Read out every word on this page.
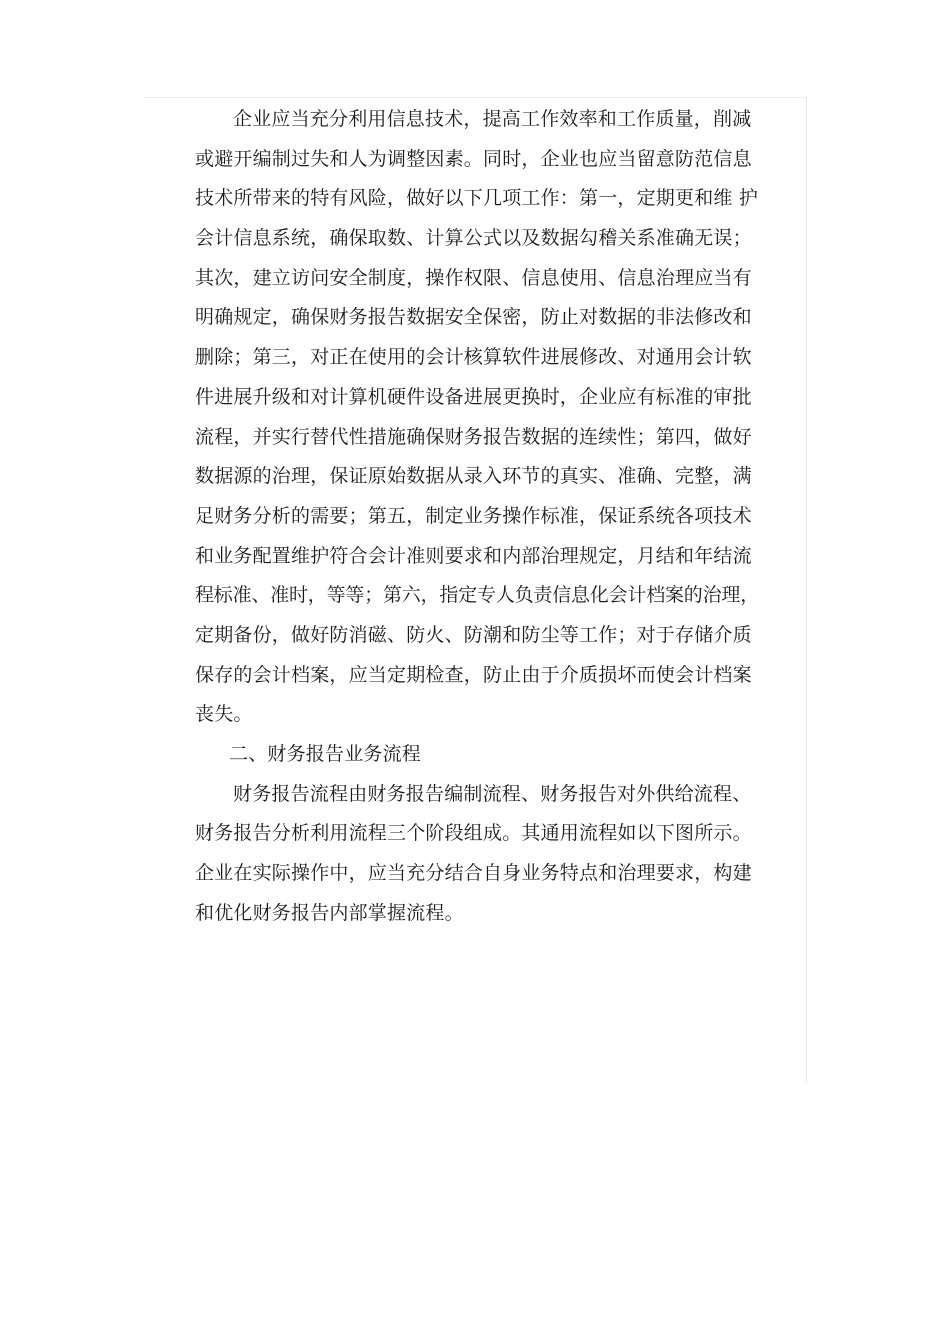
企业应当充分利用信息技术，提高工作效率和工作质量，削减
或避开编制过失和人为调整因素。同时，企业也应当留意防范信息
技术所带来的特有风险，做好以下几项工作：第一，定期更和维 护
会计信息系统，确保取数、计算公式以及数据勾稽关系准确无误；
其次，建立访问安全制度，操作权限、信息使用、信息治理应当有
明确规定，确保财务报告数据安全保密，防止对数据的非法修改和
删除；第三，对正在使用的会计核算软件进展修改、对通用会计软
件进展升级和对计算机硬件设备进展更换时，企业应有标准的审批
流程，并实行替代性措施确保财务报告数据的连续性；第四，做好
数据源的治理，保证原始数据从录入环节的真实、准确、完整，满
足财务分析的需要；第五，制定业务操作标准，保证系统各项技术
和业务配置维护符合会计准则要求和内部治理规定，月结和年结流
程标准、准时，等等；第六，指定专人负责信息化会计档案的治理，
定期备份，做好防消磁、防火、防潮和防尘等工作；对于存储介质
保存的会计档案，应当定期检查，防止由于介质损坏而使会计档案
丧失。
二、财务报告业务流程
财务报告流程由财务报告编制流程、财务报告对外供给流程、
财务报告分析利用流程三个阶段组成。其通用流程如以下图所示。
企业在实际操作中，应当充分结合自身业务特点和治理要求，构建
和优化财务报告内部掌握流程。
